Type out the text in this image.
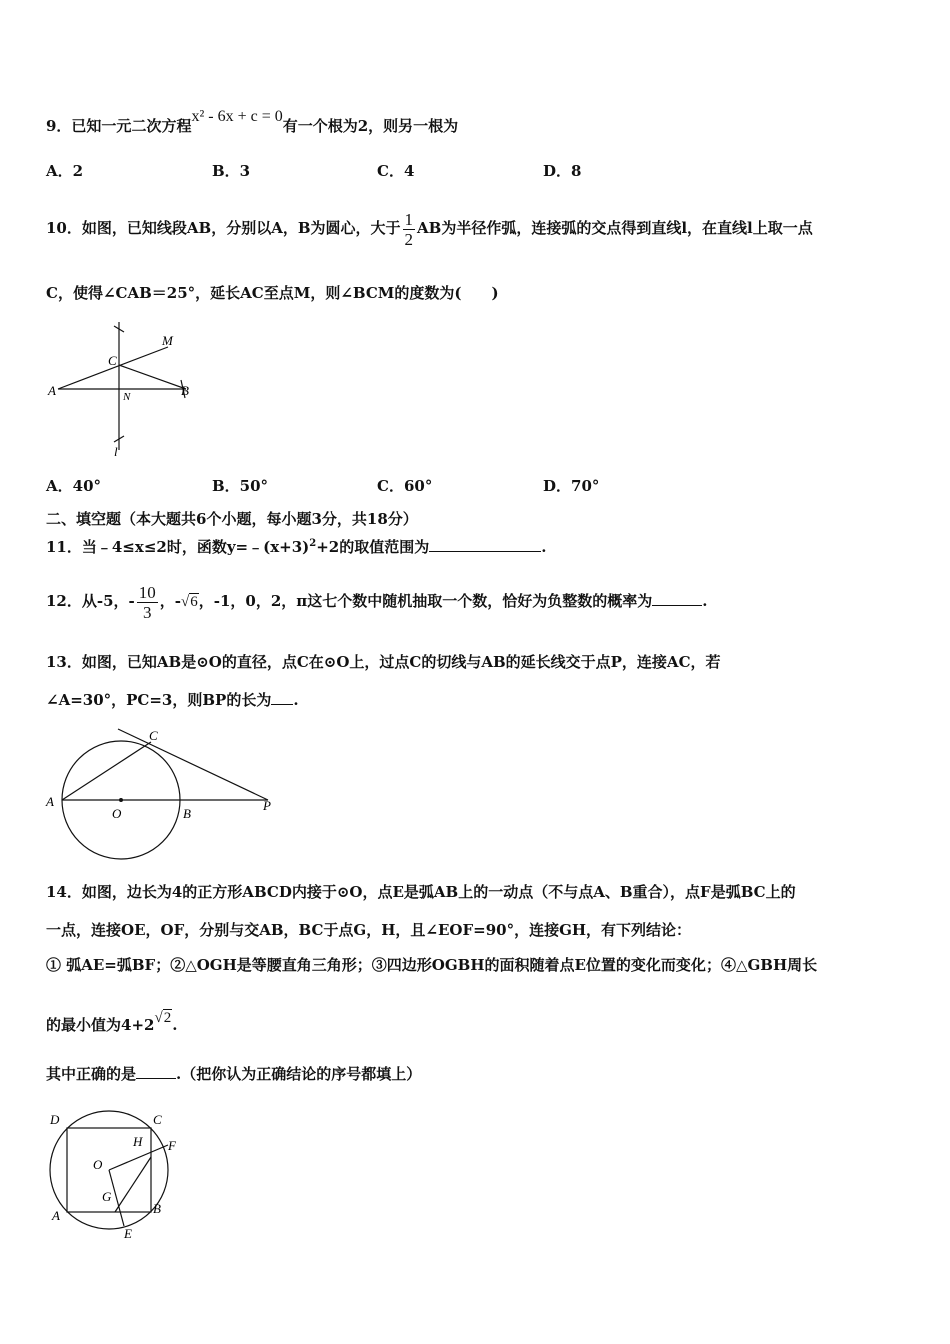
9．已知一元二次方程x² - 6x + c = 0有一个根为2，则另一根为
A．2	B．3	C．4	D．8
10．如图，已知线段AB，分别以A，B为圆心，大于 $\frac{1}{2}$ AB为半径作弧，连接弧的交点得到直线l，在直线l上取一点
C，使得∠CAB＝25°，延长AC至点M，则∠BCM的度数为(　　)
A	B
C
M
N
l
A．40°	B．50°	C．60°	D．70°
二、填空题（本大题共6个小题，每小题3分，共18分）
11．当﹣4≤x≤2时，函数$y=﹣(x+3)^2+2$的取值范围为	.
12．从-5，- $\frac{10}{3}$ ，-√6，-1，0，2，π这七个数中随机抽取一个数，恰好为负整数的概率为	.
13．如图，已知AB是⊙O的直径，点C在⊙O上，过点C的切线与AB的延长线交于点P，连接AC，若
∠A=30°，PC=3，则BP的长为 .
A
O	B
C
P
14．如图，边长为4的正方形ABCD内接于⊙O，点E是弧AB上的一动点（不与点A、B重合），点F是弧BC上的
一点，连接OE，OF，分别与交AB，BC于点G，H，且∠EOF=90°，连接GH，有下列结论：
① 弧AE=弧BF；②△OGH是等腰直角三角形；③四边形OGBH的面积随着点E位置的变化而变化；④△GBH周长
的最小值为4+2√2.
其中正确的是	.（把你认为正确结论的序号都填上）
A	B
C
D
E
F
G
H
O
